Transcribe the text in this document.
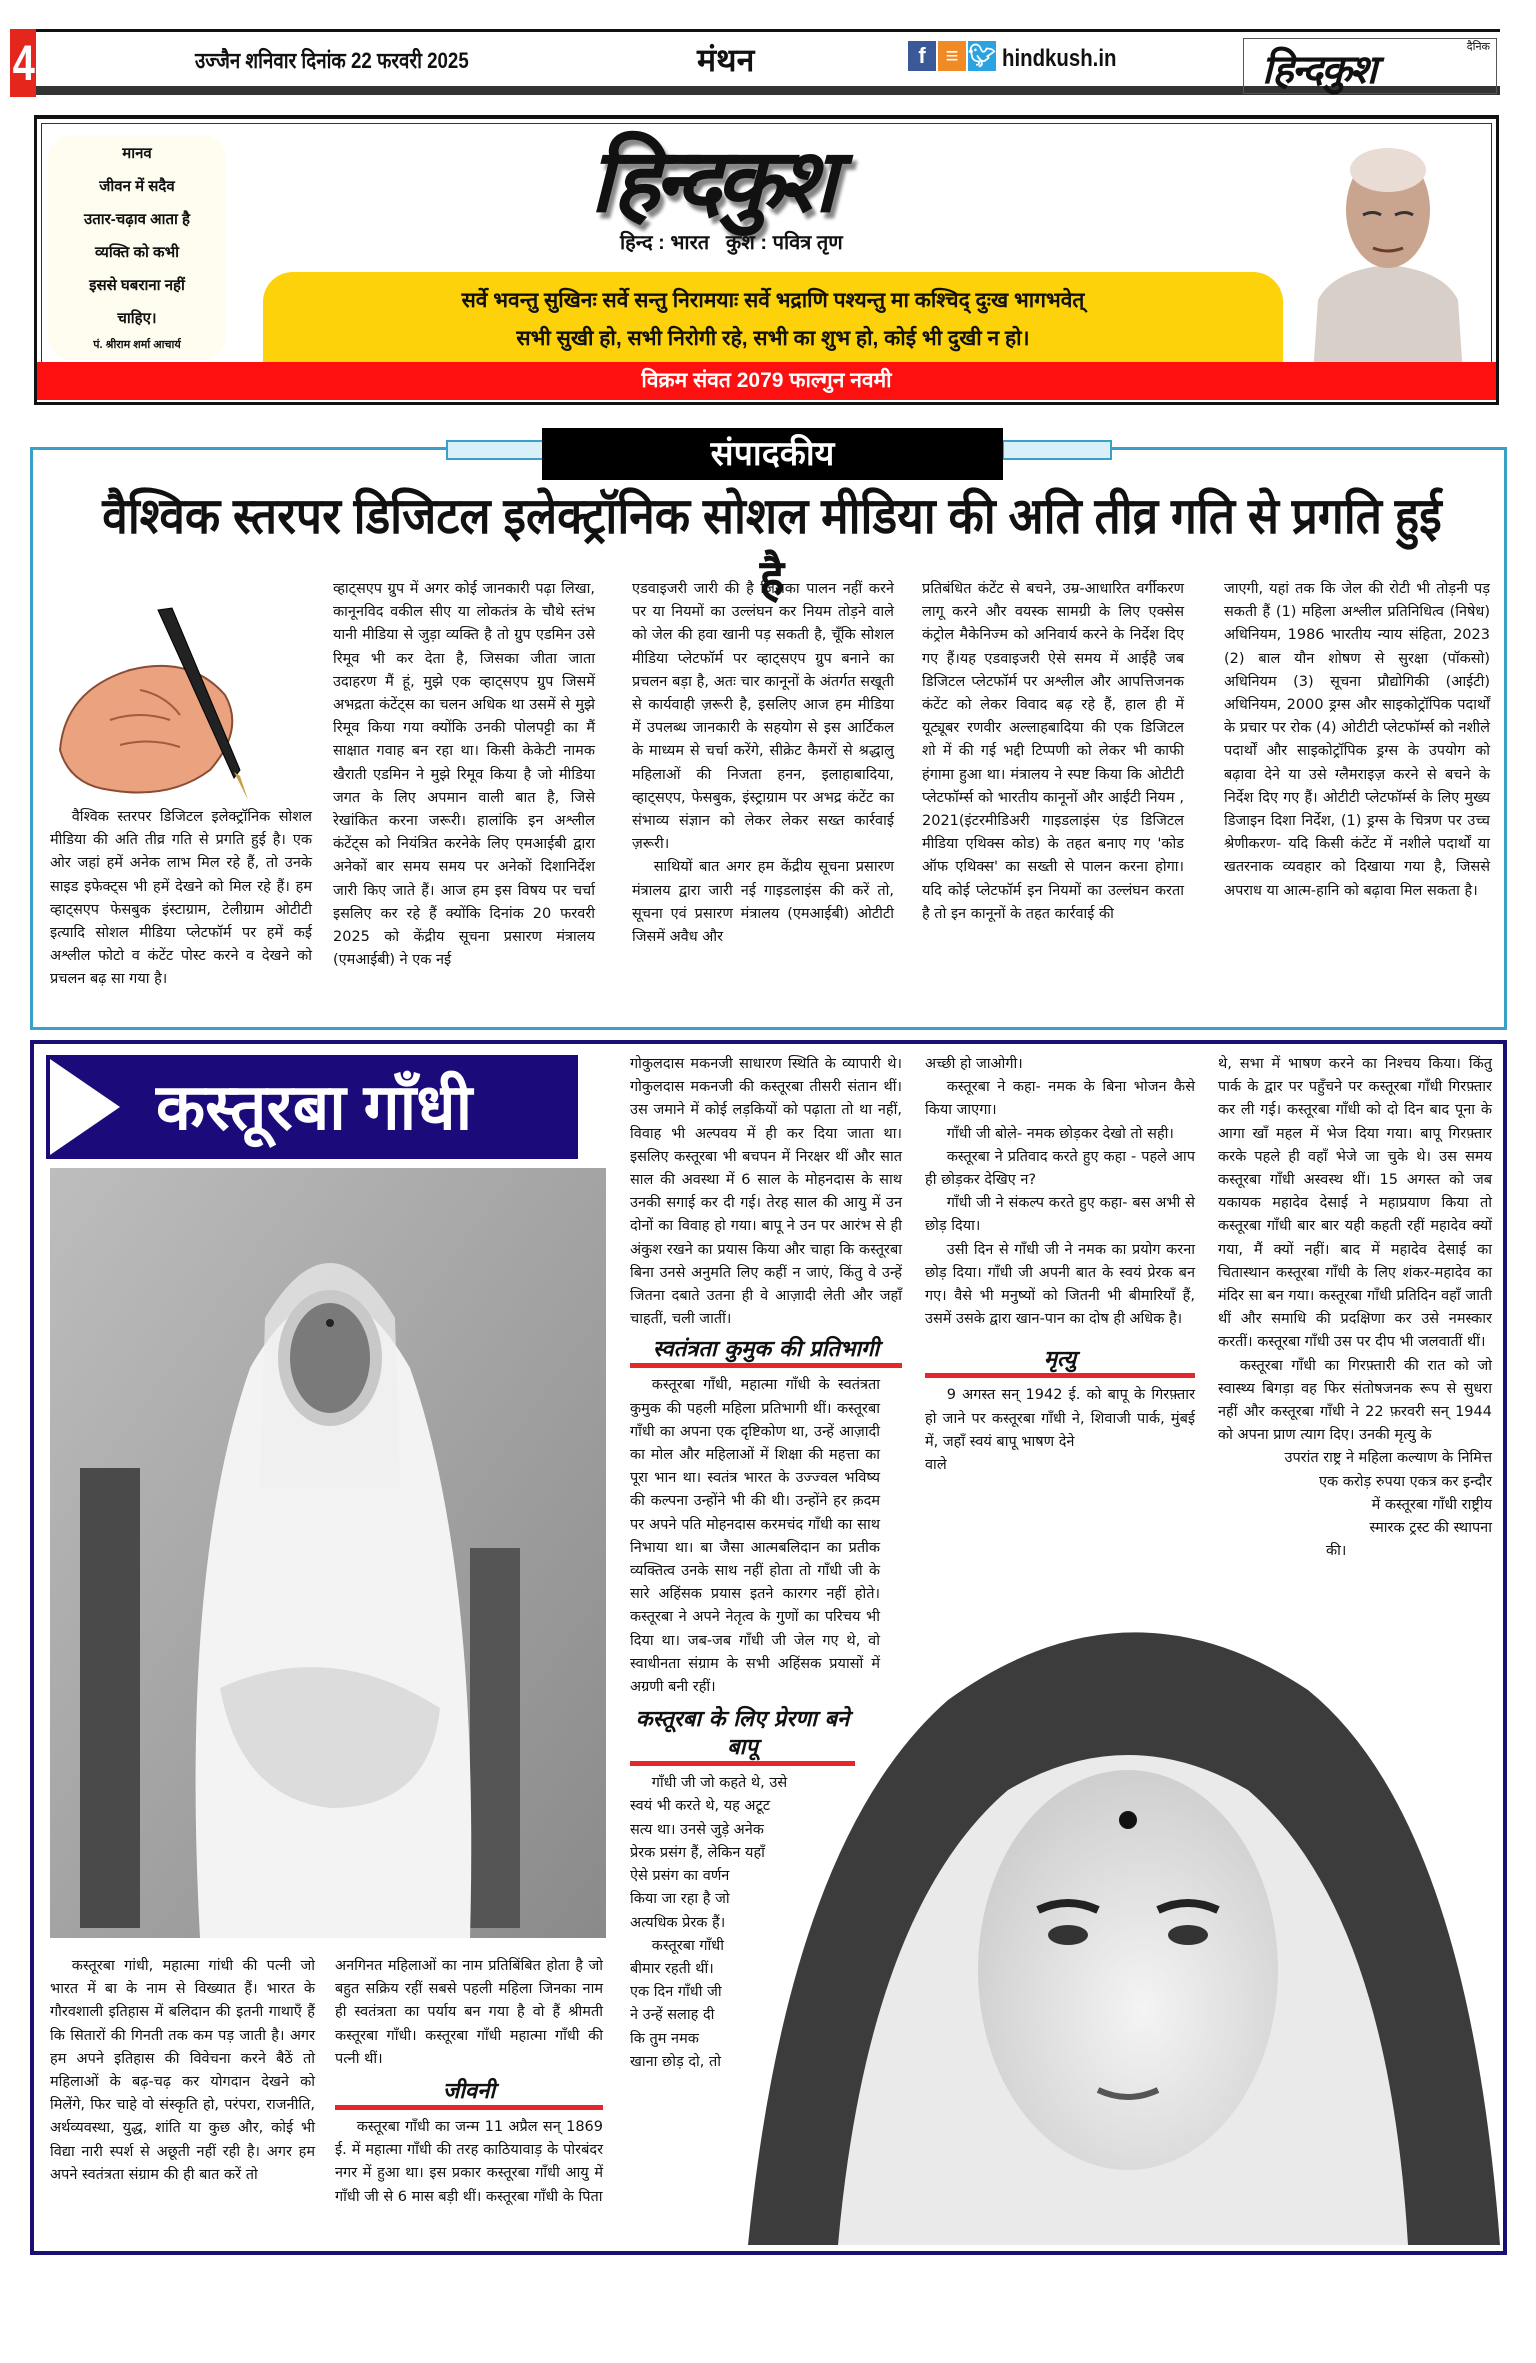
4	उज्जैन शनिवार दिनांक 22 फरवरी 2025	मंथन	f ≡ 🐦︎ hindkush.in	दैनिक
हिन्दकुश
मानव
जीवन में सदैव
उतार-चढ़ाव आता है
व्यक्ति को कभी
इससे घबराना नहीं
चाहिए।
पं. श्रीराम शर्मा आचार्य
हिन्दकुश
हिन्द : भारत   कुश : पवित्र तृण
सर्वे भवन्तु सुखिनः सर्वे सन्तु निरामयाः सर्वे भद्राणि पश्यन्तु मा कश्चिद् दुःख भागभवेत्
सभी सुखी हो, सभी निरोगी रहे, सभी का शुभ हो, कोई भी दुखी न हो।
विक्रम संवत 2079 फाल्गुन नवमी
संपादकीय
वैश्विक स्तरपर डिजिटल इलेक्ट्रॉनिक सोशल मीडिया की अति तीव्र गति से प्रगति हुई है

वैश्विक स्तरपर डिजिटल इलेक्ट्रॉनिक सोशल मीडिया की अति तीव्र गति से प्रगति हुई है। एक ओर जहां हमें अनेक लाभ मिल रहे हैं, तो उनके साइड इफेक्ट्स भी हमें देखने को मिल रहे हैं। हम व्हाट्सएप फेसबुक इंस्टाग्राम, टेलीग्राम ओटीटी इत्यादि सोशल मीडिया प्लेटफॉर्म पर हमें कई अश्लील फोटो व कंटेंट पोस्ट करने व देखने को प्रचलन बढ़ सा गया है।

व्हाट्सएप ग्रुप में अगर कोई जानकारी पढ़ा लिखा, कानूनविद वकील सीए या लोकतंत्र के चौथे स्तंभ यानी मीडिया से जुड़ा व्यक्ति है तो ग्रुप एडमिन उसे रिमूव भी कर देता है, जिसका जीता जाता उदाहरण मैं हूं, मुझे एक व्हाट्सएप ग्रुप जिसमें अभद्रता कंटेंट्स का चलन अधिक था उसमें से मुझे रिमूव किया गया क्योंकि उनकी पोलपट्टी का मैं साक्षात गवाह बन रहा था। किसी केकेटी नामक खैराती एडमिन ने मुझे रिमूव किया है जो मीडिया जगत के लिए अपमान वाली बात है, जिसे रेखांकित करना जरूरी। हालांकि इन अश्लील कंटेंट्स को नियंत्रित करनेके लिए एमआईबी द्वारा अनेकों बार समय समय पर अनेकों दिशानिर्देश जारी किए जाते हैं। आज हम इस विषय पर चर्चा इसलिए कर रहे हैं क्योंकि दिनांक 20 फरवरी 2025 को केंद्रीय सूचना प्रसारण मंत्रालय (एमआईबी) ने एक नई

एडवाइजरी जारी की है जिसका पालन नहीं करने पर या नियमों का उल्लंघन कर नियम तोड़ने वाले को जेल की हवा खानी पड़ सकती है, चूँकि सोशल मीडिया प्लेटफॉर्म पर व्हाट्सएप ग्रुप बनाने का प्रचलन बड़ा है, अतः चार कानूनों के अंतर्गत सखूती से कार्यवाही ज़रूरी है, इसलिए आज हम मीडिया में उपलब्ध जानकारी के सहयोग से इस आर्टिकल के माध्यम से चर्चा करेंगे, सीक्रेट कैमरों से श्रद्धालु महिलाओं की निजता हनन, इलाहाबादिया, व्हाट्सएप, फेसबुक, इंस्ट्राग्राम पर अभद्र कंटेंट का संभाव्य संज्ञान को लेकर लेकर सख्त कार्रवाई ज़रूरी।

साथियों बात अगर हम केंद्रीय सूचना प्रसारण मंत्रालय द्वारा जारी नई गाइडलाइंस की करें तो, सूचना एवं प्रसारण मंत्रालय (एमआईबी) ओटीटी जिसमें अवैध और

प्रतिबंधित कंटेंट से बचने, उम्र-आधारित वर्गीकरण लागू करने और वयस्क सामग्री के लिए एक्सेस कंट्रोल मैकेनिज्म को अनिवार्य करने के निर्देश दिए गए हैं।यह एडवाइजरी ऐसे समय में आईहै जब डिजिटल प्लेटफॉर्म पर अश्लील और आपत्तिजनक कंटेंट को लेकर विवाद बढ़ रहे हैं, हाल ही में यूट्यूबर रणवीर अल्लाहबादिया की एक डिजिटल शो में की गई भद्दी टिप्पणी को लेकर भी काफी हंगामा हुआ था। मंत्रालय ने स्पष्ट किया कि ओटीटी प्लेटफॉर्म्स को भारतीय कानूनों और आईटी नियम , 2021(इंटरमीडिअरी गाइडलाइंस एंड डिजिटल मीडिया एथिक्स कोड) के तहत बनाए गए 'कोड ऑफ एथिक्स' का सख्ती से पालन करना होगा। यदि कोई प्लेटफॉर्म इन नियमों का उल्लंघन करता है तो इन कानूनों के तहत कार्रवाई की

जाएगी, यहां तक कि जेल की रोटी भी तोड़नी पड़ सकती हैं (1) महिला अश्लील प्रतिनिधित्व (निषेध) अधिनियम, 1986 भारतीय न्याय संहिता, 2023 (2) बाल यौन शोषण से सुरक्षा (पॉकसो) अधिनियम (3) सूचना प्रौद्योगिकी (आईटी) अधिनियम, 2000 ड्रग्स और साइकोट्रॉपिक पदार्थों के प्रचार पर रोक (4) ओटीटी प्लेटफॉर्म्स को नशीले पदार्थों और साइकोट्रॉपिक ड्रग्स के उपयोग को बढ़ावा देने या उसे ग्लैमराइज़ करने से बचने के निर्देश दिए गए हैं। ओटीटी प्लेटफॉर्म्स के लिए मुख्य डिजाइन दिशा निर्देश, (1) ड्रग्स के चित्रण पर उच्च श्रेणीकरण- यदि किसी कंटेंट में नशीले पदार्थों या खतरनाक व्यवहार को दिखाया गया है, जिससे अपराध या आत्म-हानि को बढ़ावा मिल सकता है।

कस्तूरबा गाँधी

कस्तूरबा गांधी, महात्मा गांधी की पत्नी जो भारत में बा के नाम से विख्यात हैं। भारत के गौरवशाली इतिहास में बलिदान की इतनी गाथाएँ हैं कि सितारों की गिनती तक कम पड़ जाती है। अगर हम अपने इतिहास की विवेचना करने बैठें तो महिलाओं के बढ़-चढ़ कर योगदान देखने को मिलेंगे, फिर चाहे वो संस्कृति हो, परंपरा, राजनीति, अर्थव्यवस्था, युद्ध, शांति या कुछ और, कोई भी विद्या नारी स्पर्श से अछूती नहीं रही है। अगर हम अपने स्वतंत्रता संग्राम की ही बात करें तो

अनगिनत महिलाओं का नाम प्रतिबिंबित होता है जो बहुत सक्रिय रहीं सबसे पहली महिला जिनका नाम ही स्वतंत्रता का पर्याय बन गया है वो हैं श्रीमती कस्तूरबा गाँधी। कस्तूरबा गाँधी महात्मा गाँधी की पत्नी थीं।

जीवनी

कस्तूरबा गाँधी का जन्म 11 अप्रैल सन् 1869 ई. में महात्मा गाँधी की तरह काठियावाड़ के पोरबंदर नगर में हुआ था। इस प्रकार कस्तूरबा गाँधी आयु में गाँधी जी से 6 मास बड़ी थीं। कस्तूरबा गाँधी के पिता

गोकुलदास मकनजी साधारण स्थिति के व्यापारी थे। गोकुलदास मकनजी की कस्तूरबा तीसरी संतान थीं। उस जमाने में कोई लड़कियों को पढ़ाता तो था नहीं, विवाह भी अल्पवय में ही कर दिया जाता था। इसलिए कस्तूरबा भी बचपन में निरक्षर थीं और सात साल की अवस्था में 6 साल के मोहनदास के साथ उनकी सगाई कर दी गई। तेरह साल की आयु में उन दोनों का विवाह हो गया। बापू ने उन पर आरंभ से ही अंकुश रखने का प्रयास किया और चाहा कि कस्तूरबा बिना उनसे अनुमति लिए कहीं न जाएं, किंतु वे उन्हें जितना दबाते उतना ही वे आज़ादी लेती और जहाँ चाहतीं, चली जातीं।

स्वतंत्रता कुमुक की प्रतिभागी

कस्तूरबा गाँधी, महात्मा गाँधी के स्वतंत्रता कुमुक की पहली महिला प्रतिभागी थीं। कस्तूरबा गाँधी का अपना एक दृष्टिकोण था, उन्हें आज़ादी का मोल और महिलाओं में शिक्षा की महत्ता का पूरा भान था। स्वतंत्र भारत के उज्ज्वल भविष्य की कल्पना उन्होंने भी की थी। उन्होंने हर क़दम पर अपने पति मोहनदास करमचंद गाँधी का साथ निभाया था। बा जैसा आत्मबलिदान का प्रतीक व्यक्तित्व उनके साथ नहीं होता तो गाँधी जी के सारे अहिंसक प्रयास इतने कारगर नहीं होते। कस्तूरबा ने अपने नेतृत्व के गुणों का परिचय भी दिया था। जब-जब गाँधी जी जेल गए थे, वो स्वाधीनता संग्राम के सभी अहिंसक प्रयासों में अग्रणी बनी रहीं।

कस्तूरबा के लिए प्रेरणा बने बापू
गाँधी जी जो कहते थे, उसे
स्वयं भी करते थे, यह अटूट
सत्य था। उनसे जुड़े अनेक
प्रेरक प्रसंग हैं, लेकिन यहाँ
ऐसे प्रसंग का वर्णन
किया जा रहा है जो
अत्यधिक प्रेरक हैं।
कस्तूरबा गाँधी
बीमार रहती थीं।
एक दिन गाँधी जी
ने उन्हें सलाह दी
कि तुम नमक
खाना छोड़ दो, तो

अच्छी हो जाओगी।

कस्तूरबा ने कहा- नमक के बिना भोजन कैसे किया जाएगा।

गाँधी जी बोले- नमक छोड़कर देखो तो सही।

कस्तूरबा ने प्रतिवाद करते हुए कहा - पहले आप ही छोड़कर देखिए न?

गाँधी जी ने संकल्प करते हुए कहा- बस अभी से छोड़ दिया।

उसी दिन से गाँधी जी ने नमक का प्रयोग करना छोड़ दिया। गाँधी जी अपनी बात के स्वयं प्रेरक बन गए। वैसे भी मनुष्यों को जितनी भी बीमारियाँ हैं, उसमें उसके द्वारा खान-पान का दोष ही अधिक है।

मृत्यु

9 अगस्त सन् 1942 ई. को बापू के गिरफ़्तार हो जाने पर कस्तूरबा गाँधी ने, शिवाजी पार्क, मुंबई में, जहाँ स्वयं बापू भाषण देने

वाले

थे, सभा में भाषण करने का निश्चय किया। किंतु पार्क के द्वार पर पहुँचने पर कस्तूरबा गाँधी गिरफ़्तार कर ली गई। कस्तूरबा गाँधी को दो दिन बाद पूना के आगा खाँ महल में भेज दिया गया। बापू गिरफ़्तार करके पहले ही वहाँ भेजे जा चुके थे। उस समय कस्तूरबा गाँधी अस्वस्थ थीं। 15 अगस्त को जब यकायक महादेव देसाई ने महाप्रयाण किया तो कस्तूरबा गाँधी बार बार यही कहती रहीं महादेव क्यों गया, मैं क्यों नहीं। बाद में महादेव देसाई का चितास्थान कस्तूरबा गाँधी के लिए शंकर-महादेव का मंदिर सा बन गया। कस्तूरबा गाँधी प्रतिदिन वहाँ जाती थीं और समाधि की प्रदक्षिणा कर उसे नमस्कार करतीं। कस्तूरबा गाँधी उस पर दीप भी जलवातीं थीं।

कस्तूरबा गाँधी का गिरफ़्तारी की रात को जो स्वास्थ्य बिगड़ा वह फिर संतोषजनक रूप से सुधरा नहीं और कस्तूरबा गाँधी ने 22 फ़रवरी सन् 1944 को अपना प्राण त्याग दिए। उनकी मृत्यु के

उपरांत राष्ट्र ने महिला कल्याण के निमित्त
एक करोड़ रुपया एकत्र कर इन्दौर
में कस्तूरबा गाँधी राष्ट्रीय
स्मारक ट्रस्ट की स्थापना
की।
